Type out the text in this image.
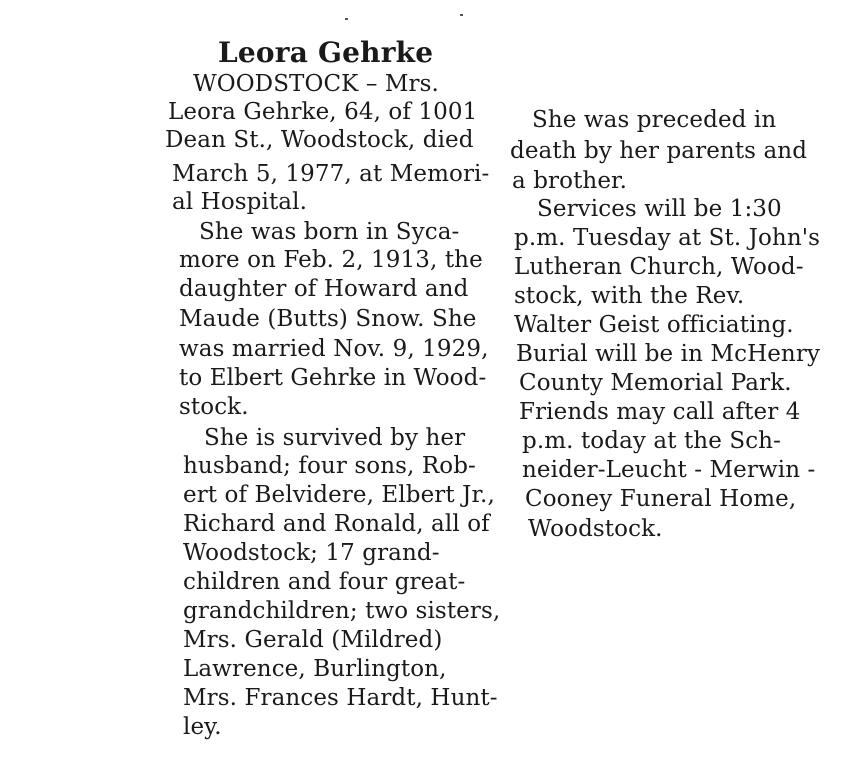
Leora Gehrke
WOODSTOCK – Mrs.
Leora Gehrke, 64, of 1001
Dean St., Woodstock, died
March 5, 1977, at Memori-
al Hospital.
She was born in Syca-
more on Feb. 2, 1913, the
daughter of Howard and
Maude (Butts) Snow. She
was married Nov. 9, 1929,
to Elbert Gehrke in Wood-
stock.
She is survived by her
husband; four sons, Rob-
ert of Belvidere, Elbert Jr.,
Richard and Ronald, all of
Woodstock; 17 grand-
children and four great-
grandchildren; two sisters,
Mrs. Gerald (Mildred)
Lawrence, Burlington,
Mrs. Frances Hardt, Hunt-
ley.
She was preceded in
death by her parents and
a brother.
Services will be 1:30
p.m. Tuesday at St. John's
Lutheran Church, Wood-
stock, with the Rev.
Walter Geist officiating.
Burial will be in McHenry
County Memorial Park.
Friends may call after 4
p.m. today at the Sch-
neider-Leucht - Merwin -
Cooney Funeral Home,
Woodstock.
